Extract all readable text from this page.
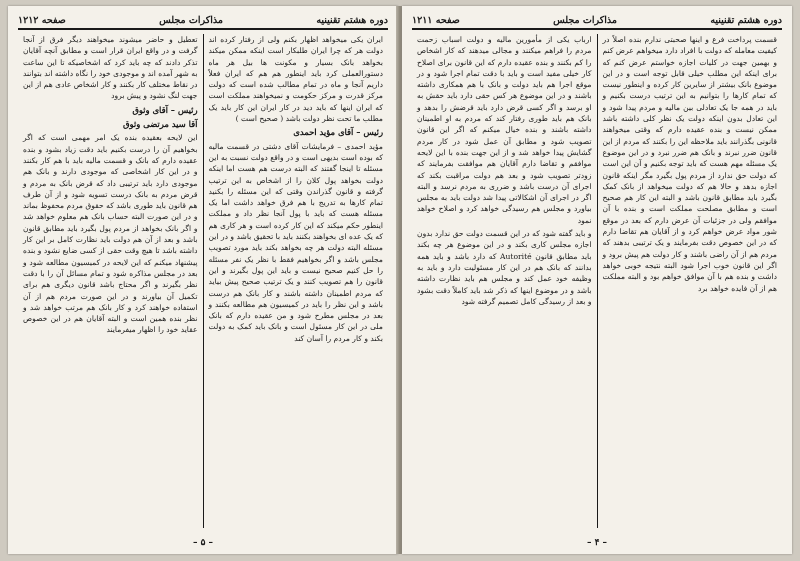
دوره هشتم تقنینیه
مذاکرات مجلس
صفحه ۱۲۱۲

ایران یکی میخواهد اظهار بکنم ولی از رفتار کرده اند دولت هر که چرا ایران طلبکار است اینکه ممکن میکند بخواهد بانک بسیار و مکونت ها بیل هر ماه دستورالعملی کرد باید اینطور هم هم که ایران فعلاً داریم آنجا و ماه در تمام مطالب شده است که دولت مرکز قدرت و مرکز حکومت و نمیخواهند مملکت است که ایران اینها که باید دید در کار ایران این کار باید یک مطلب ما تحت نظر دولت باشد ( صحیح است )

رئیس – آقای مؤید احمدی

مؤید احمدی – فرمایشات آقای دشتی در قسمت مالیه که بوده است بدیهی است و در واقع دولت نسبت به این مسئله تا اینجا گفتند که البته درست هم هست اما اینکه دولت بخواهد پول کلان را از اشخاص به این ترتیب گرفته و قانون گذراندن وقتی که این مسئله را بکنید تمام کارها به تدریج با هم فرق خواهد داشت اما یک مسئله هست که باید با پول آنجا نظر داد و مملکت اینطور حکم میکند که این کار کرده است و هر کاری هم که یک عده ای بخواهند بکنند باید با تحقیق باشد و در این مسئله البته دولت هر چه بخواهد بکند باید مورد تصویب مجلس باشد و اگر بخواهیم فقط با نظر یک نفر مسئله را حل کنیم صحیح نیست و باید این پول بگیرند و این قانون را هم تصویب کنند و یک ترتیب صحیح پیش بیاید که مردم اطمینان داشته باشند و کار بانک هم درست باشد و این نظر را باید در کمیسیون هم مطالعه بکنند و بعد در مجلس مطرح شود و من عقیده دارم که بانک ملی در این کار مسئول است و بانک باید کمک به دولت بکند و کار مردم را آسان کند

تعطیل و حاضر میشوند میخواهند دیگر فرق از آنجا گرفت و در واقع ایران قرار است و مطابق آنچه آقایان تذکر دادند که چه باید کرد که اشخاصیکه تا این ساعت به شهر آمده اند و موجودی خود را نگاه داشته اند بتوانند در نقاط مختلف کار بکنند و کار اشخاص عادی هم از این جهت لنگ نشود و پیش برود

رئیس – آقای وثوق
آقا سید مرتضی وثوق

این لایحه بعقیده بنده یک امر مهمی است که اگر بخواهیم آن را درست بکنیم باید دقت زیاد بشود و بنده عقیده دارم که بانک و قسمت مالیه باید با هم کار بکنند و در این کار اشخاصی که موجودی دارند و بانک هم موجودی دارد باید ترتیبی داد که قرض بانک به مردم و قرض مردم به بانک درست تسویه شود و از آن طرف هم قانون باید طوری باشد که حقوق مردم محفوظ بماند و در این صورت البته حساب بانک هم معلوم خواهد شد و اگر بانک بخواهد از مردم پول بگیرد باید مطابق قانون باشد و بعد از آن هم دولت باید نظارت کامل بر این کار داشته باشد تا هیچ وقت حقی از کسی ضایع نشود و بنده پیشنهاد میکنم که این لایحه در کمیسیون مطالعه شود و بعد در مجلس مذاکره شود و تمام مسائل آن را با دقت نظر بگیرند و اگر محتاج باشد قانون دیگری هم برای تکمیل آن بیاورند و در این صورت مردم هم از آن استفاده خواهند کرد و کار بانک هم مرتب خواهد شد و نظر بنده همین است و البته آقایان هم در این خصوص عقاید خود را اظهار میفرمایند

– ۵ –
دوره هشتم تقنینیه
مذاکرات مجلس
صفحه ۱۲۱۱

قسمت پرداخت فرع و اینها صحبتی ندارم بنده اصلاً در کیفیت معامله که دولت با افراد دارد میخواهم عرض کنم و بهمین جهت در کلیات اجازه خواستم عرض کنم که برای اینکه این مطلب خیلی قابل توجه است و در این موضوع بانک بیشتر از سایرین کار کرده و اینطور نیست که تمام کارها را بتوانیم به این ترتیب درست بکنیم و باید در همه جا یک تعادلی بین مالیه و مردم پیدا شود و این تعادل بدون اینکه دولت یک نظر کلی داشته باشد ممکن نیست و بنده عقیده دارم که وقتی میخواهند قانونی بگذرانند باید ملاحظه این را بکنند که مردم از این قانون ضرر نبرند و بانک هم ضرر نبرد و در این موضوع یک مسئله مهم هست که باید توجه بکنیم و آن این است که دولت حق ندارد از مردم پول بگیرد مگر اینکه قانون اجازه بدهد و حالا هم که دولت میخواهد از بانک کمک بگیرد باید مطابق قانون باشد و البته این کار هم صحیح است و مطابق مصلحت مملکت است و بنده با آن موافقم ولی در جزئیات آن عرض دارم که بعد در موقع شور مواد عرض خواهم کرد و از آقایان هم تقاضا دارم که در این خصوص دقت بفرمایند و یک ترتیبی بدهند که مردم هم از آن راضی باشند و کار دولت هم پیش برود و اگر این قانون خوب اجرا شود البته نتیجه خوبی خواهد داشت و بنده هم با آن موافق خواهم بود و البته مملکت هم از آن فایده خواهد برد

ارباب یکی از مأمورین مالیه و دولت اسباب زحمت مردم را فراهم میکنند و مجالی میدهند که کار اشخاص را کم بکنند و بنده عقیده دارم که این قانون برای اصلاح کار خیلی مفید است و باید با دقت تمام اجرا شود و در موقع اجرا هم باید دولت و بانک با هم همکاری داشته باشند و در این موضوع هر کس حقی دارد باید حقش به او برسد و اگر کسی قرض دارد باید قرضش را بدهد و بانک هم باید طوری رفتار کند که مردم به او اطمینان داشته باشند و بنده خیال میکنم که اگر این قانون تصویب شود و مطابق آن عمل شود در کار مردم گشایش پیدا خواهد شد و از این جهت بنده با این لایحه موافقم و تقاضا دارم آقایان هم موافقت بفرمایند که زودتر تصویب شود و بعد هم دولت مراقبت بکند که اجرای آن درست باشد و ضرری به مردم نرسد و البته اگر در اجرای آن اشکالاتی پیدا شد دولت باید به مجلس بیاورد و مجلس هم رسیدگی خواهد کرد و اصلاح خواهد نمود

و باید گفته شود که در این قسمت دولت حق ندارد بدون اجازه مجلس کاری بکند و در این موضوع هر چه بکند باید مطابق قانون Autorité که دارد باشد و باید همه بدانند که بانک هم در این کار مسئولیت دارد و باید به وظیفه خود عمل کند و مجلس هم باید نظارت داشته باشد و در موضوع اینها که ذکر شد باید کاملاً دقت بشود و بعد از رسیدگی کامل تصمیم گرفته شود

– ۴ –
